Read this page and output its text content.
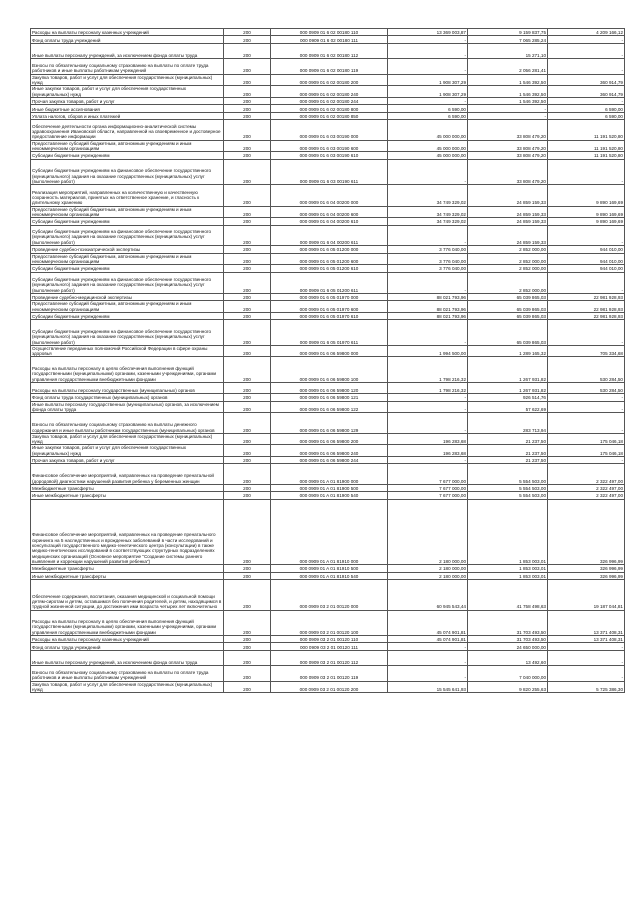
Расходы на выплаты персоналу казенных учреждений	200	000 0909 01 6 02 00180 110	13 369 003,87	9 159 837,75	4 209 166,12
Фонд оплаты труда учреждений	200	000 0909 01 6 02 00180 111	-	7 065 285,24	-
Иные выплаты персоналу учреждений, за исключением фонда оплаты труда	200	000 0909 01 6 02 00180 112	-	15 271,10	-
Взносы по обязательному социальному страхованию на выплаты по оплате труда работников и иные выплаты работникам учреждений	200	000 0909 01 6 02 00180 119	-	2 056 281,41	-
Закупка товаров, работ и услуг для обеспечения государственных (муниципальных) нужд	200	000 0909 01 6 02 00180 200	1 908 307,29	1 546 392,50	360 914,79
Иные закупки товаров, работ и услуг для обеспечения государственных (муниципальных) нужд	200	000 0909 01 6 02 00180 240	1 908 307,29	1 546 392,50	360 914,79
Прочая закупка товаров, работ и услуг	200	000 0909 01 6 02 00180 244	-	1 546 392,50	-
Иные бюджетные ассигнования	200	000 0909 01 6 02 00180 800	6 590,00	-	6 590,00
Уплата налогов, сборов и иных платежей	200	000 0909 01 6 02 00180 850	6 590,00	-	6 590,00
Обеспечение деятельности органа информационно-аналитической системы здравоохранения Ивановской области, направленной на своевременное и достоверное предоставление информации	200	000 0909 01 6 03 00190 000	45 000 000,00	33 808 479,20	11 191 520,80
Предоставление субсидий бюджетным, автономным учреждениям и иным некоммерческим организациям	200	000 0909 01 6 03 00190 600	45 000 000,00	33 808 479,20	11 191 520,80
Субсидии бюджетным учреждениям	200	000 0909 01 6 03 00190 610	45 000 000,00	33 808 479,20	11 191 520,80
Субсидии бюджетным учреждениям на финансовое обеспечение государственного (муниципального) задания на оказание государственных (муниципальных) услуг (выполнение работ)	200	000 0909 01 6 03 00190 611	-	33 808 479,20	-
Реализация мероприятий, направленных на количественную и качественную сохранность материалов, принятых на ответственное хранение, и гласность к длительному хранению	200	000 0909 01 6 04 00200 000	34 749 329,02	24 859 159,33	9 890 169,69
Предоставление субсидий бюджетным, автономным учреждениям и иным некоммерческим организациям	200	000 0909 01 6 04 00200 600	34 749 329,02	24 859 159,33	9 890 169,69
Субсидии бюджетным учреждениям	200	000 0909 01 6 04 00200 610	34 749 329,02	24 859 159,33	9 890 169,69
Субсидии бюджетным учреждениям на финансовое обеспечение государственного (муниципального) задания на оказание государственных (муниципальных) услуг (выполнение работ)	200	000 0909 01 6 04 00200 611	-	24 859 159,33	-
Проведение судебно-психиатрической экспертизы	200	000 0909 01 6 05 01200 000	3 776 040,00	2 852 000,00	944 010,00
Предоставление субсидий бюджетным, автономным учреждениям и иным некоммерческим организациям	200	000 0909 01 6 05 01200 600	3 776 040,00	2 852 000,00	944 010,00
Субсидии бюджетным учреждениям	200	000 0909 01 6 05 01200 610	3 776 040,00	2 852 000,00	944 010,00
Субсидии бюджетным учреждениям на финансовое обеспечение государственного (муниципального) задания на оказание государственных (муниципальных) услуг (выполнение работ)	200	000 0909 01 6 05 01200 611	-	2 852 000,00	-
Проведение судебно-медицинской экспертизы	200	000 0909 01 6 05 01970 000	88 021 793,96	65 039 865,03	22 981 928,93
Предоставление субсидий бюджетным, автономным учреждениям и иным некоммерческим организациям	200	000 0909 01 6 05 01970 600	88 021 793,96	65 039 865,03	22 981 928,93
Субсидии бюджетным учреждениям	200	000 0909 01 6 05 01970 610	88 021 793,96	65 039 865,03	22 981 928,93
Субсидии бюджетным учреждениям на финансовое обеспечение государственного (муниципального) задания на оказание государственных (муниципальных) услуг (выполнение работ)	200	000 0909 01 6 05 01970 611	-	65 039 865,03	-
Осуществление переданных полномочий Российской Федерации в сфере охраны здоровья	200	000 0909 01 6 06 59800 000	1 994 500,00	1 289 165,32	705 334,68
Расходы на выплаты персоналу в целях обеспечения выполнения функций государственными (муниципальными) органами, казенными учреждениями, органами управления государственными внебюджетными фондами	200	000 0909 01 6 06 59800 100	1 798 216,32	1 267 931,82	530 284,50
Расходы на выплаты персоналу государственных (муниципальных) органов	200	000 0909 01 6 06 59800 120	1 798 216,32	1 267 931,82	530 284,50
Фонд оплаты труда государственных (муниципальных) органов	200	000 0909 01 6 06 59800 121	-	926 514,76	-
Иные выплаты персоналу государственных (муниципальных) органов, за исключением фонда оплаты труда	200	000 0909 01 6 06 59800 122	-	57 622,69	-
Взносы по обязательному социальному страхованию на выплаты денежного содержания и иные выплаты работникам государственных (муниципальных) органов	200	000 0909 01 6 06 59800 129	-	283 713,94	-
Закупка товаров, работ и услуг для обеспечения государственных (муниципальных) нужд	200	000 0909 01 6 06 59800 200	196 283,68	21 237,50	175 046,18
Иные закупки товаров, работ и услуг для обеспечения государственных (муниципальных) нужд	200	000 0909 01 6 06 59800 240	196 283,68	21 237,50	175 046,18
Прочая закупка товаров, работ и услуг	200	000 0909 01 6 06 59800 244	-	21 237,50	-
Финансовое обеспечение мероприятий, направленных на проведение пренатальной (дородовой) диагностики нарушений развития ребенка у беременных женщин	200	000 0909 01 A 01 81900 000	7 677 000,00	5 554 503,00	2 322 497,00
Межбюджетные трансферты	200	000 0909 01 A 01 81900 500	7 677 000,00	5 554 503,00	2 322 497,00
Иные межбюджетные трансферты	200	000 0909 01 A 01 81900 540	7 677 000,00	5 554 503,00	2 322 497,00
Финансовое обеспечение мероприятий, направленных на проведение пренатального скрининга на 5 наследственных и врожденных заболеваний в части исследований и консультаций государственного медико-генетического центра (консультации) в также медико-генетических исследований в соответствующих структурных подразделениях медицинских организаций (Основное мероприятие "Создание системы раннего выявления и коррекции нарушений развития ребенка")	200	000 0909 01 A 01 81910 000	2 180 000,00	1 853 003,01	326 996,99
Межбюджетные трансферты	200	000 0909 01 A 01 81910 500	2 180 000,00	1 853 003,01	326 996,99
Иные межбюджетные трансферты	200	000 0909 01 A 01 81910 540	2 180 000,00	1 853 003,01	326 996,99
Обеспечение содержания, воспитания, оказания медицинской и социальной помощи детям-сиротам и детям, оставшимся без попечения родителей, и детям, находящимся в трудной жизненной ситуации, до достижения ими возраста четырех лет включительно	200	000 0909 03 2 01 00120 000	60 945 543,44	41 758 498,63	19 187 044,81
Расходы на выплаты персоналу в целях обеспечения выполнения функций государственными (муниципальными) органами, казенными учреждениями, органами управления государственными внебюджетными фондами	200	000 0909 03 2 01 00120 100	45 074 901,81	31 703 493,50	13 371 408,31
Расходы на выплаты персоналу казенных учреждений	200	000 0909 03 2 01 00120 110	45 074 901,81	31 703 493,50	13 371 408,31
Фонд оплаты труда учреждений	200	000 0909 03 2 01 00120 111	-	24 650 000,00	-
Иные выплаты персоналу учреждений, за исключением фонда оплаты труда	200	000 0909 03 2 01 00120 112	-	13 492,60	-
Взносы по обязательному социальному страхованию на выплаты по оплате труда работников и иные выплаты работникам учреждений	200	000 0909 03 2 01 00120 119	-	7 040 000,00	-
Закупка товаров, работ и услуг для обеспечения государственных (муниципальных) нужд	200	000 0909 03 2 01 00120 200	15 545 641,93	9 820 255,63	5 725 386,30
